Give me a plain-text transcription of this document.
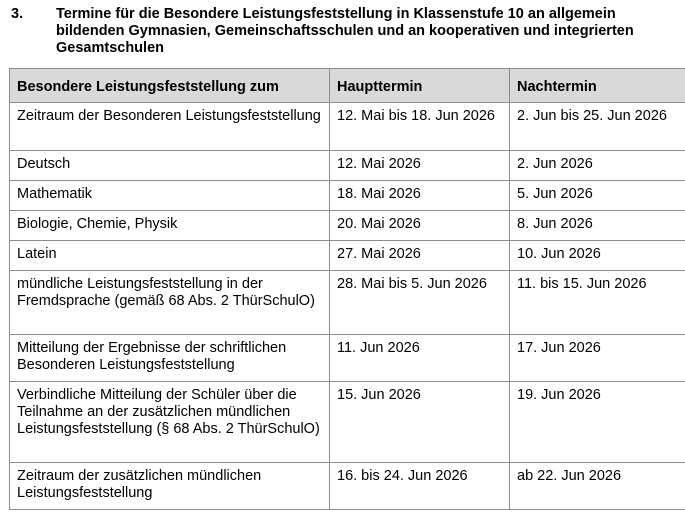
3.	Termine für die Besondere Leistungsfeststellung in Klassenstufe 10 an allgemein bildenden Gymnasien, Gemeinschaftsschulen und an kooperativen und integrierten Gesamtschulen
Besondere Leistungsfeststellung zum	Haupttermin	Nachtermin
Zeitraum der Besonderen Leistungsfeststellung	12. Mai bis 18. Jun 2026	2. Jun bis 25. Jun 2026
Deutsch	12. Mai 2026	2. Jun 2026
Mathematik	18. Mai 2026	5. Jun 2026
Biologie, Chemie, Physik	20. Mai 2026	8. Jun 2026
Latein	27. Mai 2026	10. Jun 2026
mündliche Leistungsfeststellung in der Fremdsprache (gemäß 68 Abs. 2 ThürSchulO)	28. Mai bis 5. Jun 2026	11. bis 15. Jun 2026
Mitteilung der Ergebnisse der schriftlichen Besonderen Leistungsfeststellung	11. Jun 2026	17. Jun 2026
Verbindliche Mitteilung der Schüler über die Teilnahme an der zusätzlichen mündlichen Leistungsfeststellung (§ 68 Abs. 2 ThürSchulO)	15. Jun 2026	19. Jun 2026
Zeitraum der zusätzlichen mündlichen Leistungsfeststellung	16. bis 24. Jun 2026	ab 22. Jun 2026
